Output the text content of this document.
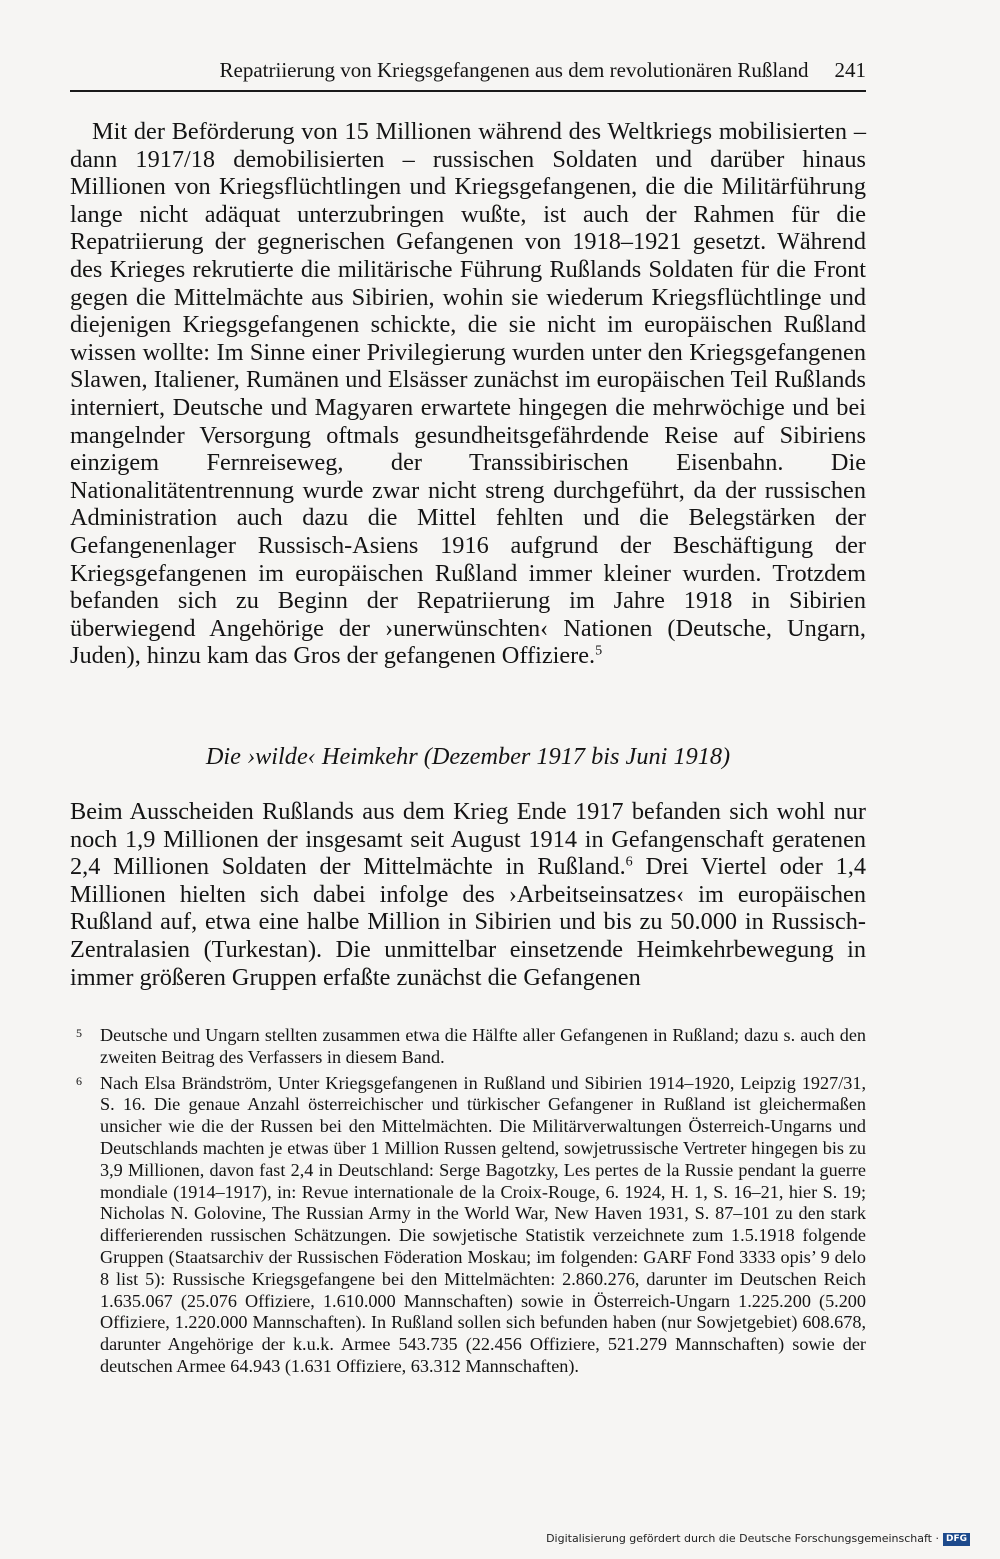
Repatriierung von Kriegsgefangenen aus dem revolutionären Rußland 241

Mit der Beförderung von 15 Millionen während des Weltkriegs mobilisierten – dann 1917/18 demobilisierten – russischen Soldaten und darüber hinaus Millionen von Kriegsflüchtlingen und Kriegsgefangenen, die die Militärführung lange nicht adäquat unterzubringen wußte, ist auch der Rahmen für die Repatriierung der gegnerischen Gefangenen von 1918–1921 gesetzt. Während des Krieges rekrutierte die militärische Führung Rußlands Soldaten für die Front gegen die Mittelmächte aus Sibirien, wohin sie wiederum Kriegsflüchtlinge und diejenigen Kriegsgefangenen schickte, die sie nicht im europäischen Rußland wissen wollte: Im Sinne einer Privilegierung wurden unter den Kriegsgefangenen Slawen, Italiener, Rumänen und Elsässer zunächst im europäischen Teil Rußlands interniert, Deutsche und Magyaren erwartete hingegen die mehrwöchige und bei mangelnder Versorgung oftmals gesundheitsgefährdende Reise auf Sibiriens einzigem Fernreiseweg, der Transsibirischen Eisenbahn. Die Nationalitätentrennung wurde zwar nicht streng durchgeführt, da der russischen Administration auch dazu die Mittel fehlten und die Belegstärken der Gefangenenlager Russisch-Asiens 1916 aufgrund der Beschäftigung der Kriegsgefangenen im europäischen Rußland immer kleiner wurden. Trotzdem befanden sich zu Beginn der Repatriierung im Jahre 1918 in Sibirien überwiegend Angehörige der ›unerwünschten‹ Nationen (Deutsche, Ungarn, Juden), hinzu kam das Gros der gefangenen Offiziere.$^5$

Die ›wilde‹ Heimkehr (Dezember 1917 bis Juni 1918)

Beim Ausscheiden Rußlands aus dem Krieg Ende 1917 befanden sich wohl nur noch 1,9 Millionen der insgesamt seit August 1914 in Gefangenschaft geratenen 2,4 Millionen Soldaten der Mittelmächte in Rußland.$^6$ Drei Viertel oder 1,4 Millionen hielten sich dabei infolge des ›Arbeitseinsatzes‹ im europäischen Rußland auf, etwa eine halbe Million in Sibirien und bis zu 50.000 in Russisch-Zentralasien (Turkestan). Die unmittelbar einsetzende Heimkehrbewegung in immer größeren Gruppen erfaßte zunächst die Gefangenen

5 Deutsche und Ungarn stellten zusammen etwa die Hälfte aller Gefangenen in Rußland; dazu s. auch den zweiten Beitrag des Verfassers in diesem Band.
6 Nach Elsa Brändström, Unter Kriegsgefangenen in Rußland und Sibirien 1914–1920, Leipzig 1927/31, S. 16. Die genaue Anzahl österreichischer und türkischer Gefangener in Rußland ist gleichermaßen unsicher wie die der Russen bei den Mittelmächten. Die Militärverwaltungen Österreich-Ungarns und Deutschlands machten je etwas über 1 Million Russen geltend, sowjetrussische Vertreter hingegen bis zu 3,9 Millionen, davon fast 2,4 in Deutschland: Serge Bagotzky, Les pertes de la Russie pendant la guerre mondiale (1914–1917), in: Revue internationale de la Croix-Rouge, 6. 1924, H. 1, S. 16–21, hier S. 19; Nicholas N. Golovine, The Russian Army in the World War, New Haven 1931, S. 87–101 zu den stark differierenden russischen Schätzungen. Die sowjetische Statistik verzeichnete zum 1.5.1918 folgende Gruppen (Staatsarchiv der Russischen Föderation Moskau; im folgenden: GARF Fond 3333 opis’ 9 delo 8 list 5): Russische Kriegsgefangene bei den Mittelmächten: 2.860.276, darunter im Deutschen Reich 1.635.067 (25.076 Offiziere, 1.610.000 Mannschaften) sowie in Österreich-Ungarn 1.225.200 (5.200 Offiziere, 1.220.000 Mannschaften). In Rußland sollen sich befunden haben (nur Sowjetgebiet) 608.678, darunter Angehörige der k.u.k. Armee 543.735 (22.456 Offiziere, 521.279 Mannschaften) sowie der deutschen Armee 64.943 (1.631 Offiziere, 63.312 Mannschaften).
Digitalisierung gefördert durch die Deutsche Forschungsgemeinschaft · DFG
